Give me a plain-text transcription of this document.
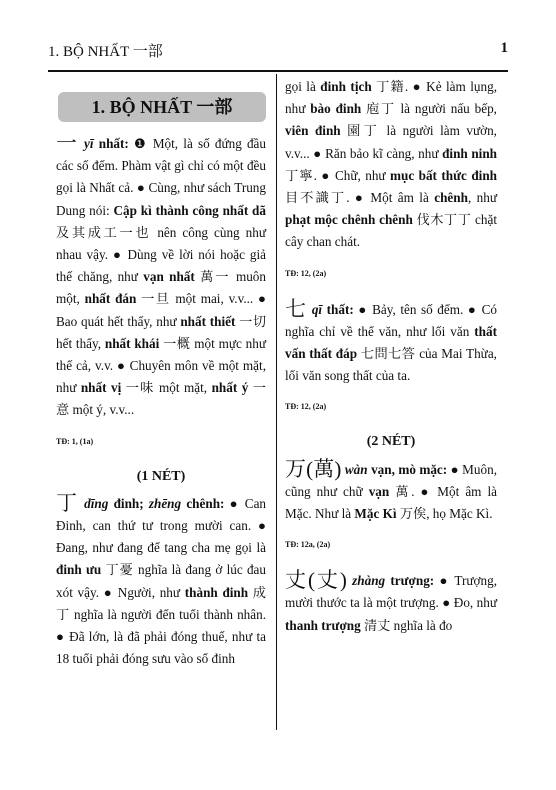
1. BỘ NHẤT 一部	1
1. BỘ NHẤT 一部

一 yī nhất: ❶ Một, là số đứng đầu các số đếm. Phàm vật gì chỉ có một đều gọi là Nhất cả. ● Cùng, như sách Trung Dung nói: Cập kì thành công nhất dã 及其成工一也 nên công cùng như nhau vậy. ● Dùng về lời nói hoặc giả thế chăng, như vạn nhất 萬一 muôn một, nhất đán 一旦 một mai, v.v... ● Bao quát hết thẩy, như nhất thiết 一切 hết thẩy, nhất khái 一概 một mực như thế cả, v.v. ● Chuyên môn về một mặt, như nhất vị 一味 một mặt, nhất ý 一意 một ý, v.v...

TĐ: 1, (1a)
(1 NÉT)

丁 dīng đinh; zhēng chênh: ● Can Đinh, can thứ tư trong mười can. ● Đang, như đang để tang cha mẹ gọi là đinh ưu 丁憂 nghĩa là đang ở lúc đau xót vậy. ● Người, như thành đinh 成丁 nghĩa là người đến tuổi thành nhân. ● Đã lớn, là đã phải đóng thuế, như ta 18 tuổi phải đóng sưu vào sổ đinh

gọi là đinh tịch 丁籍. ● Kẻ làm lụng, như bào đinh 庖丁 là người nấu bếp, viên đinh 園丁 là người làm vườn, v.v... ● Răn bảo kĩ càng, như đinh ninh 丁寧. ● Chữ, như mục bất thức đinh 目不識丁. ● Một âm là chênh, như phạt mộc chênh chênh 伐木丁丁 chặt cây chan chát.

TĐ: 12, (2a)

七 qī thất: ● Bảy, tên số đếm. ● Có nghĩa chỉ về thể văn, như lối văn thất vấn thất đáp 七問七答 của Mai Thừa, lối văn song thất của ta.

TĐ: 12, (2a)
(2 NÉT)

万(萬) wàn vạn, mò mặc: ● Muôn, cũng như chữ vạn 萬. ● Một âm là Mặc. Như là Mặc Kì 万俟, họ Mặc Kì.

TĐ: 12a, (2a)

丈(丈) zhàng trượng: ● Trượng, mười thước ta là một trượng. ● Đo, như thanh trượng 清丈 nghĩa là đo
